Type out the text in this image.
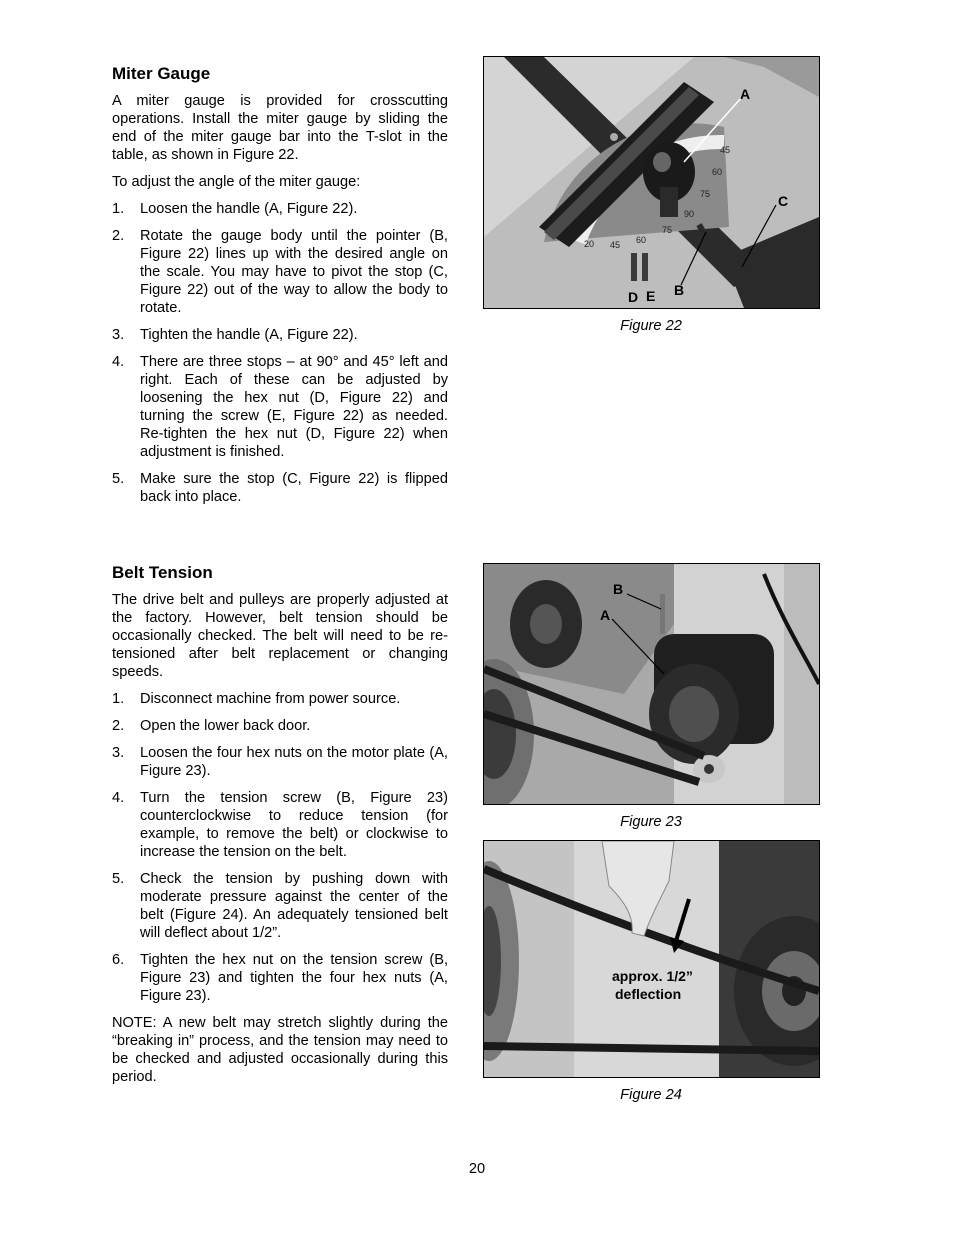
Miter Gauge

A miter gauge is provided for crosscutting operations. Install the miter gauge by sliding the end of the miter gauge bar into the T-slot in the table, as shown in Figure 22.

To adjust the angle of the miter gauge:

1. Loosen the handle (A, Figure 22).
2. Rotate the gauge body until the pointer (B, Figure 22) lines up with the desired angle on the scale. You may have to pivot the stop (C, Figure 22) out of the way to allow the body to rotate.
3. Tighten the handle (A, Figure 22).
4. There are three stops – at 90° and 45° left and right. Each of these can be adjusted by loosening the hex nut (D, Figure 22) and turning the screw (E, Figure 22) as needed. Re-tighten the hex nut (D, Figure 22) when adjustment is finished.
5. Make sure the stop (C, Figure 22) is flipped back into place.
Belt Tension

The drive belt and pulleys are properly adjusted at the factory. However, belt tension should be occasionally checked. The belt will need to be re-tensioned after belt replacement or changing speeds.

1. Disconnect machine from power source.
2. Open the lower back door.
3. Loosen the four hex nuts on the motor plate (A, Figure 23).
4. Turn the tension screw (B, Figure 23) counterclockwise to reduce tension (for example, to remove the belt) or clockwise to increase the tension on the belt.
5. Check the tension by pushing down with moderate pressure against the center of the belt (Figure 24). An adequately tensioned belt will deflect about 1/2”.
6. Tighten the hex nut on the tension screw (B, Figure 23) and tighten the four hex nuts (A, Figure 23).

NOTE: A new belt may stretch slightly during the “breaking in” process, and the tension may need to be checked and adjusted occasionally during this period.

20 45 60
75
90
75
60
45
A
C
B
D E
Figure 22
B
A
Figure 23
approx. 1/2”
deflection
Figure 24
20
